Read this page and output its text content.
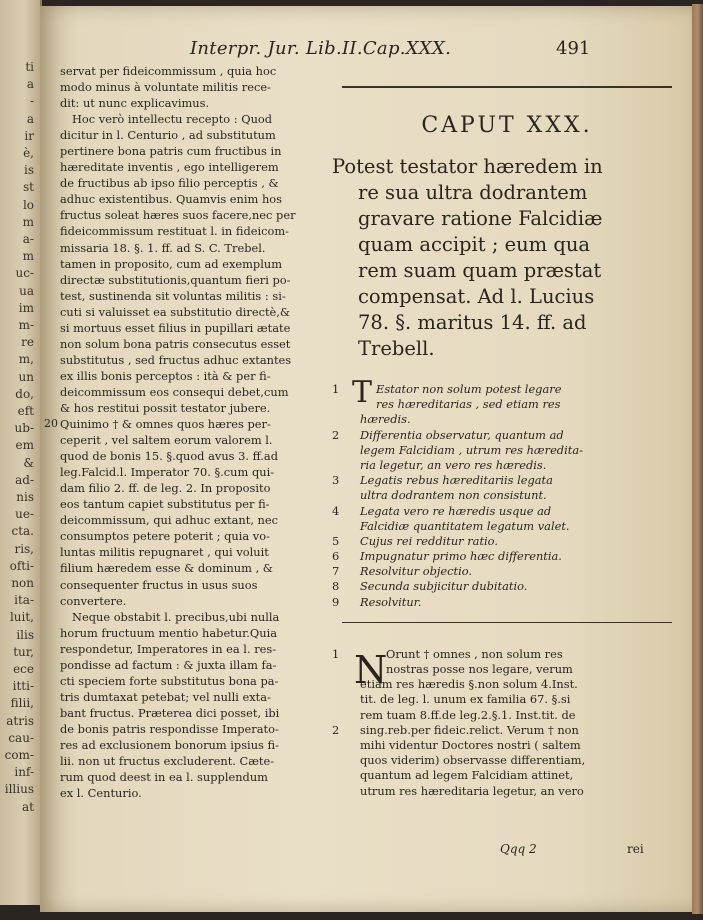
ti
a
-
a
ir
è,
is
st
lo
m
a-
m
uc-
ua
im
m-
re
m,
un
do,
eft
ub-
em
&
ad-
nis
ue-
cta.
ris,
ofti-
non
ita-
luit,
ilis
tur,
ece
itti-
filii,
atris
cau-
com-
inf-
illius
at
Interpr. Jur. Lib.II.Cap.XXX.	491
servat per fideicommissum , quia hoc
modo minus à voluntate militis rece-
dit: ut nunc explicavimus.
Hoc verò intellectu recepto : Quod
dicitur in l. Centurio , ad substitutum
pertinere bona patris cum fructibus in
hæreditate inventis , ego intelligerem
de fructibus ab ipso filio perceptis , &
adhuc existentibus. Quamvis enim hos
fructus soleat hæres suos facere,nec per
fideicommissum restituat l. in fideicom-
missaria 18. §. 1. ff. ad S. C. Trebel.
tamen in proposito, cum ad exemplum
directæ substitutionis,quantum fieri po-
test, sustinenda sit voluntas militis : si-
cuti si valuisset ea substitutio directè,&
si mortuus esset filius in pupillari ætate
non solum bona patris consecutus esset
substitutus , sed fructus adhuc extantes
ex illis bonis perceptos : ità & per fi-
deicommissum eos consequi debet,cum
& hos restitui possit testator jubere.
Quinimo † & omnes quos hæres per-
20
ceperit , vel saltem eorum valorem l.
quod de bonis 15. §.quod avus 3. ff.ad
leg.Falcid.l. Imperator 70. §.cum qui-
dam filio 2. ff. de leg. 2. In proposito
eos tantum capiet substitutus per fi-
deicommissum, qui adhuc extant, nec
consumptos petere poterit ; quia vo-
luntas militis repugnaret , qui voluit
filium hæredem esse & dominum , &
consequenter fructus in usus suos
convertere.
Neque obstabit l. precibus,ubi nulla
horum fructuum mentio habetur.Quia
respondetur, Imperatores in ea l. res-
pondisse ad factum : & juxta illam fa-
cti speciem forte substitutus bona pa-
tris dumtaxat petebat; vel nulli exta-
bant fructus. Præterea dici posset, ibi
de bonis patris respondisse Imperato-
res ad exclusionem bonorum ipsius fi-
lii. non ut fructus excluderent. Cæte-
rum quod deest in ea l. supplendum
ex l. Centurio.
CAPUT XXX.
Potest testator hæredem in
re sua ultra dodrantem
gravare ratione Falcidiæ
quam accipit ; eum qua
rem suam quam præstat
compensat. Ad l. Lucius
78. §. maritus 14. ff. ad
Trebell.
T
1	Estator non solum potest legare
res hæreditarias , sed etiam res
hæredis.
2 Differentia observatur, quantum ad
legem Falcidiam , utrum res hæredita-
ria legetur, an vero res hæredis.
3 Legatis rebus hæreditariis legata
ultra dodrantem non consistunt.
4 Legata vero re hæredis usque ad
Falcidiæ quantitatem legatum valet.
5 Cujus rei redditur ratio.
6 Impugnatur primo hæc differentia.
7 Resolvitur objectio.
8 Secunda subjicitur dubitatio.
9 Resolvitur.
N
1	Orunt † omnes , non solum res
nostras posse nos legare, verum
etiam res hæredis §.non solum 4.Inst.
tit. de leg. l. unum ex familia 67. §.si
rem tuam 8.ff.de leg.2.§.1. Inst.tit. de
2 sing.reb.per fideic.relict. Verum † non
mihi videntur Doctores nostri ( saltem
quos viderim) observasse differentiam,
quantum ad legem Falcidiam attinet,
utrum res hæreditaria legetur, an vero
Qqq 2	rei
